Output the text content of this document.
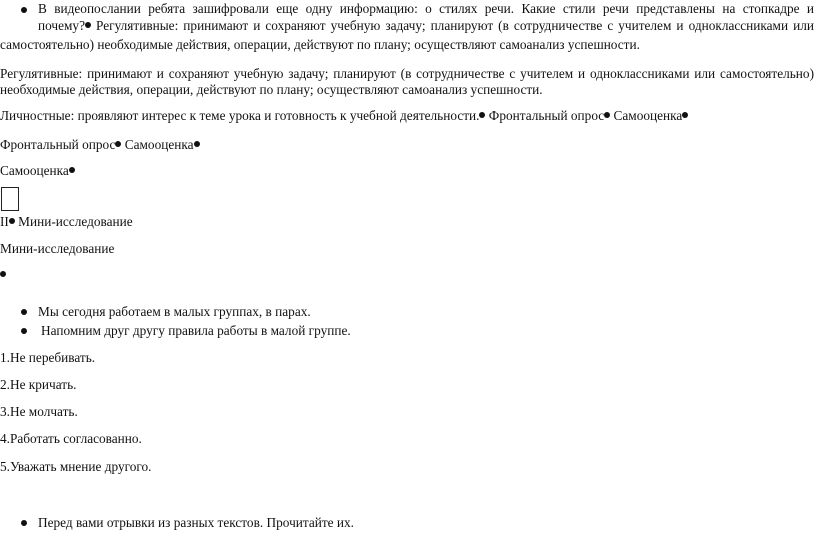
В видеопослании ребята зашифровали еще одну информацию: о стилях речи. Какие стили речи представлены на стопкадре и
почему? Регулятивные: принимают и сохраняют учебную задачу; планируют (в сотрудничестве с учителем и одноклассниками или
самостоятельно) необходимые действия, операции, действуют по плану; осуществляют самоанализ успешности.
Регулятивные: принимают и сохраняют учебную задачу; планируют (в сотрудничестве с учителем и одноклассниками или самостоятельно)
необходимые действия, операции, действуют по плану; осуществляют самоанализ успешности.
Личностные: проявляют интерес к теме урока и готовность к учебной деятельности. Фронтальный опрос Самооценка
Фронтальный опрос Самооценка
Самооценка
II Мини-исследование
Мини-исследование
Мы сегодня работаем в малых группах, в парах.
Напомним друг другу правила работы в малой группе.
1.Не перебивать.
2.Не кричать.
3.Не молчать.
4.Работать согласованно.
5.Уважать мнение другого.
Перед вами отрывки из разных текстов. Прочитайте их.
